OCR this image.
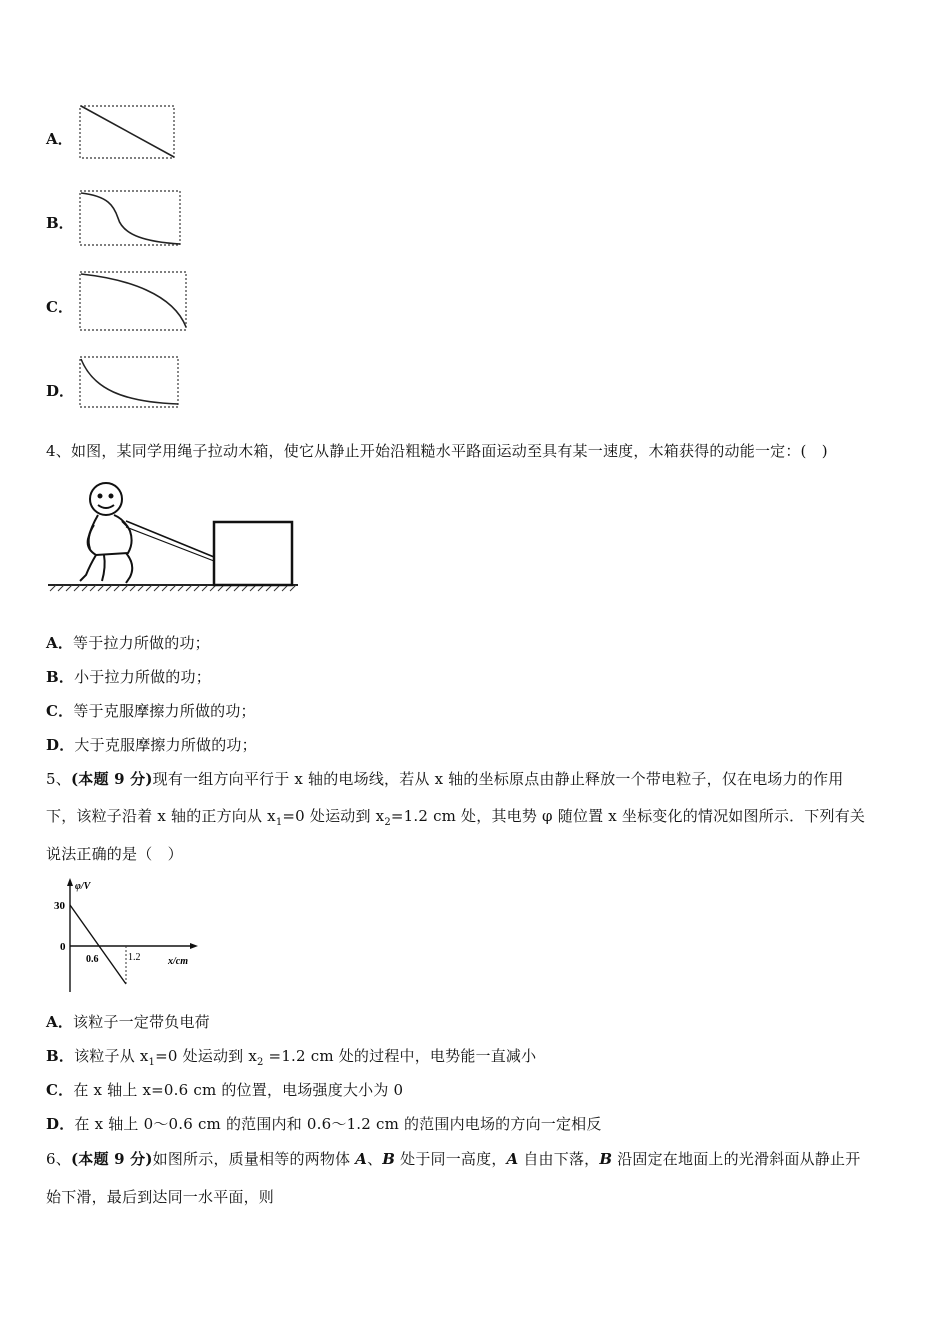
A．
B．
C．
D．
4、如图，某同学用绳子拉动木箱，使它从静止开始沿粗糙水平路面运动至具有某一速度，木箱获得的动能一定：(　)
A．等于拉力所做的功；
B．小于拉力所做的功；
C．等于克服摩擦力所做的功；
D．大于克服摩擦力所做的功；
5、(本题 9 分)现有一组方向平行于 x 轴的电场线，若从 x 轴的坐标原点由静止释放一个带电粒子，仅在电场力的作用
下，该粒子沿着 x 轴的正方向从 $x_1=0$ 处运动到 $x_2=1.2$ cm 处，其电势 φ 随位置 x 坐标变化的情况如图所示．下列有关
说法正确的是（　）
φ/V
30
0
0.6	1.2	x/cm
A．该粒子一定带负电荷
B．该粒子从 $x_1=0$ 处运动到 $x_2 =1.2$ cm 处的过程中，电势能一直减小
C．在 x 轴上 x=0.6 cm 的位置，电场强度大小为 0
D．在 x 轴上 0～0.6 cm 的范围内和 0.6～1.2 cm 的范围内电场的方向一定相反
6、(本题 9 分)如图所示，质量相等的两物体 A、B 处于同一高度，A 自由下落，B 沿固定在地面上的光滑斜面从静止开
始下滑，最后到达同一水平面，则
